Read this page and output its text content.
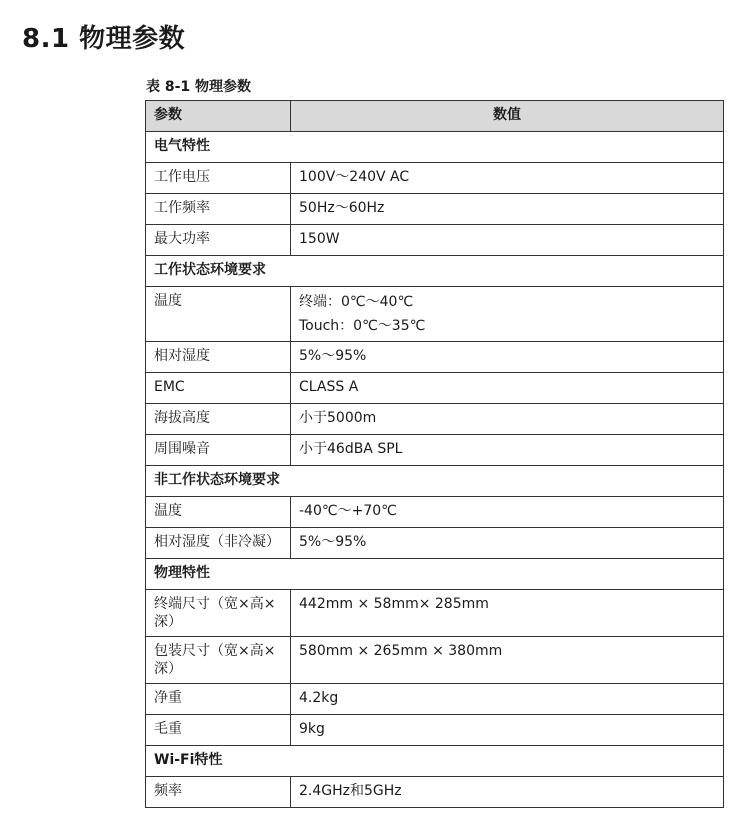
8.1 物理参数
表 8-1 物理参数
参数	数值
电气特性	
工作电压	100V～240V AC

工作频率	50Hz～60Hz

最大功率	150W

工作状态环境要求	
温度	终端：0℃～40℃
Touch：0℃～35℃

相对湿度	5%～95%

EMC	CLASS A

海拔高度	小于5000m

周围噪音	小于46dBA SPL

非工作状态环境要求	
温度	-40℃～+70℃

相对湿度（非冷凝）	5%～95%

物理特性	
终端尺寸（宽×高×深）	442mm × 58mm× 285mm

包装尺寸（宽×高×深）	580mm × 265mm × 380mm

净重	4.2kg

毛重	9kg

Wi-Fi特性	
频率	2.4GHz和5GHz
